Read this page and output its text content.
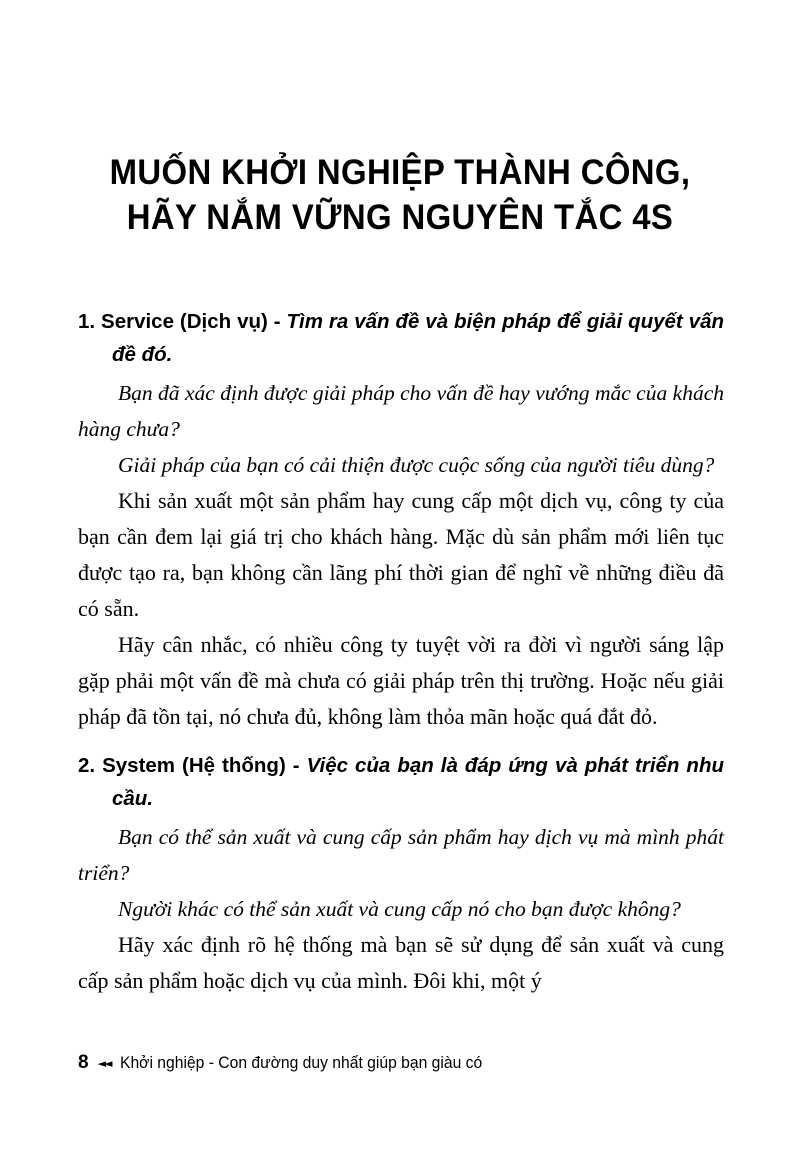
MUỐN KHỞI NGHIỆP THÀNH CÔNG,
HÃY NẮM VỮNG NGUYÊN TẮC 4S

1. Service (Dịch vụ) - Tìm ra vấn đề và biện pháp để giải quyết vấn đề đó.

Bạn đã xác định được giải pháp cho vấn đề hay vướng mắc của khách hàng chưa?

Giải pháp của bạn có cải thiện được cuộc sống của người tiêu dùng?

Khi sản xuất một sản phẩm hay cung cấp một dịch vụ, công ty của bạn cần đem lại giá trị cho khách hàng. Mặc dù sản phẩm mới liên tục được tạo ra, bạn không cần lãng phí thời gian để nghĩ về những điều đã có sẵn.

Hãy cân nhắc, có nhiều công ty tuyệt vời ra đời vì người sáng lập gặp phải một vấn đề mà chưa có giải pháp trên thị trường. Hoặc nếu giải pháp đã tồn tại, nó chưa đủ, không làm thỏa mãn hoặc quá đắt đỏ.

2. System (Hệ thống) - Việc của bạn là đáp ứng và phát triển nhu cầu.

Bạn có thể sản xuất và cung cấp sản phẩm hay dịch vụ mà mình phát triển?

Người khác có thể sản xuất và cung cấp nó cho bạn được không?

Hãy xác định rõ hệ thống mà bạn sẽ sử dụng để sản xuất và cung cấp sản phẩm hoặc dịch vụ của mình. Đôi khi, một ý

8 ◄◄ Khởi nghiệp - Con đường duy nhất giúp bạn giàu có
